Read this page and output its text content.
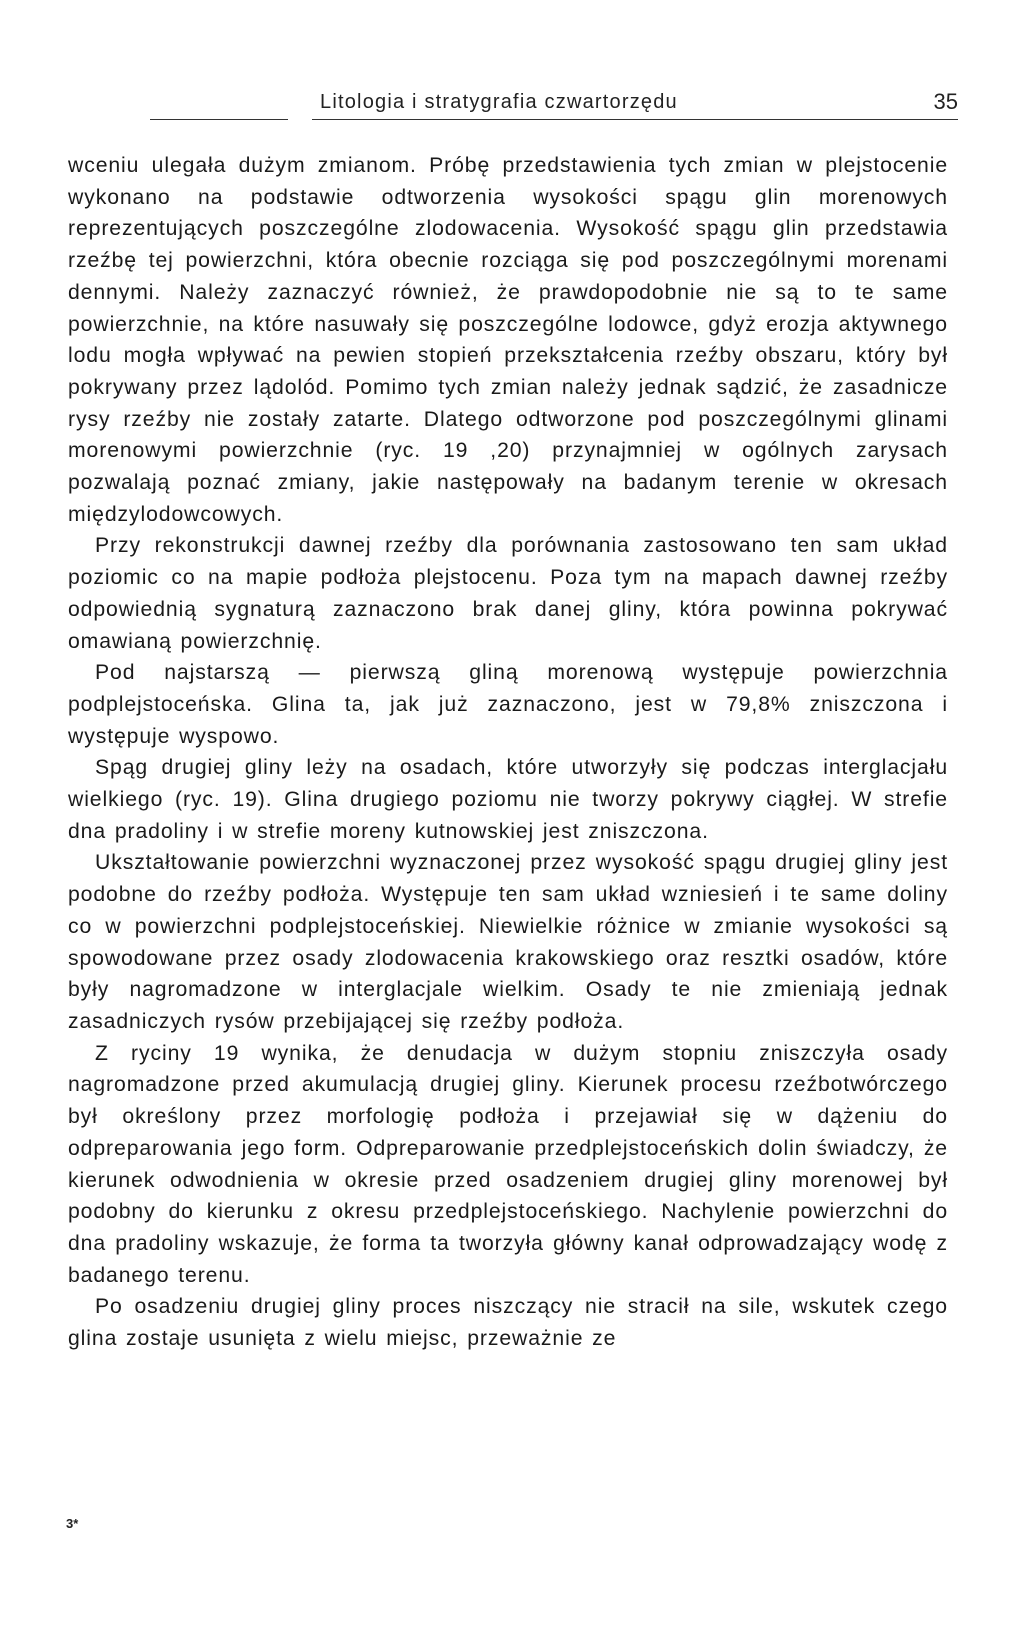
Litologia i stratygrafia czwartorzędu	35

wceniu ulegała dużym zmianom. Próbę przedstawienia tych zmian w plejstocenie wykonano na podstawie odtworzenia wysokości spągu glin morenowych reprezentujących poszczególne zlodowacenia. Wysokość spągu glin przedstawia rzeźbę tej powierzchni, która obecnie rozciąga się pod poszczególnymi morenami dennymi. Należy zaznaczyć również, że prawdopodobnie nie są to te same powierzchnie, na które nasuwały się poszczególne lodowce, gdyż erozja aktywnego lodu mogła wpływać na pewien stopień przekształcenia rzeźby obszaru, który był pokrywany przez lądolód. Pomimo tych zmian należy jednak sądzić, że zasadnicze rysy rzeźby nie zostały zatarte. Dlatego odtworzone pod poszczególnymi glinami morenowymi powierzchnie (ryc. 19 ,20) przynajmniej w ogólnych zarysach pozwalają poznać zmiany, jakie następowały na badanym terenie w okresach międzylodowcowych.

Przy rekonstrukcji dawnej rzeźby dla porównania zastosowano ten sam układ poziomic co na mapie podłoża plejstocenu. Poza tym na mapach dawnej rzeźby odpowiednią sygnaturą zaznaczono brak danej gliny, która powinna pokrywać omawianą powierzchnię.

Pod najstarszą — pierwszą gliną morenową występuje powierzchnia podplejstoceńska. Glina ta, jak już zaznaczono, jest w 79,8% zniszczona i występuje wyspowo.

Spąg drugiej gliny leży na osadach, które utworzyły się podczas interglacjału wielkiego (ryc. 19). Glina drugiego poziomu nie tworzy pokrywy ciągłej. W strefie dna pradoliny i w strefie moreny kutnowskiej jest zniszczona.

Ukształtowanie powierzchni wyznaczonej przez wysokość spągu drugiej gliny jest podobne do rzeźby podłoża. Występuje ten sam układ wzniesień i te same doliny co w powierzchni podplejstoceńskiej. Niewielkie różnice w zmianie wysokości są spowodowane przez osady zlodowacenia krakowskiego oraz resztki osadów, które były nagromadzone w interglacjale wielkim. Osady te nie zmieniają jednak zasadniczych rysów przebijającej się rzeźby podłoża.

Z ryciny 19 wynika, że denudacja w dużym stopniu zniszczyła osady nagromadzone przed akumulacją drugiej gliny. Kierunek procesu rzeźbotwórczego był określony przez morfologię podłoża i przejawiał się w dążeniu do odpreparowania jego form. Odpreparowanie przedplejstoceńskich dolin świadczy, że kierunek odwodnienia w okresie przed osadzeniem drugiej gliny morenowej był podobny do kierunku z okresu przedplejstoceńskiego. Nachylenie powierzchni do dna pradoliny wskazuje, że forma ta tworzyła główny kanał odprowadzający wodę z badanego terenu.

Po osadzeniu drugiej gliny proces niszczący nie stracił na sile, wskutek czego glina zostaje usunięta z wielu miejsc, przeważnie ze

3*
